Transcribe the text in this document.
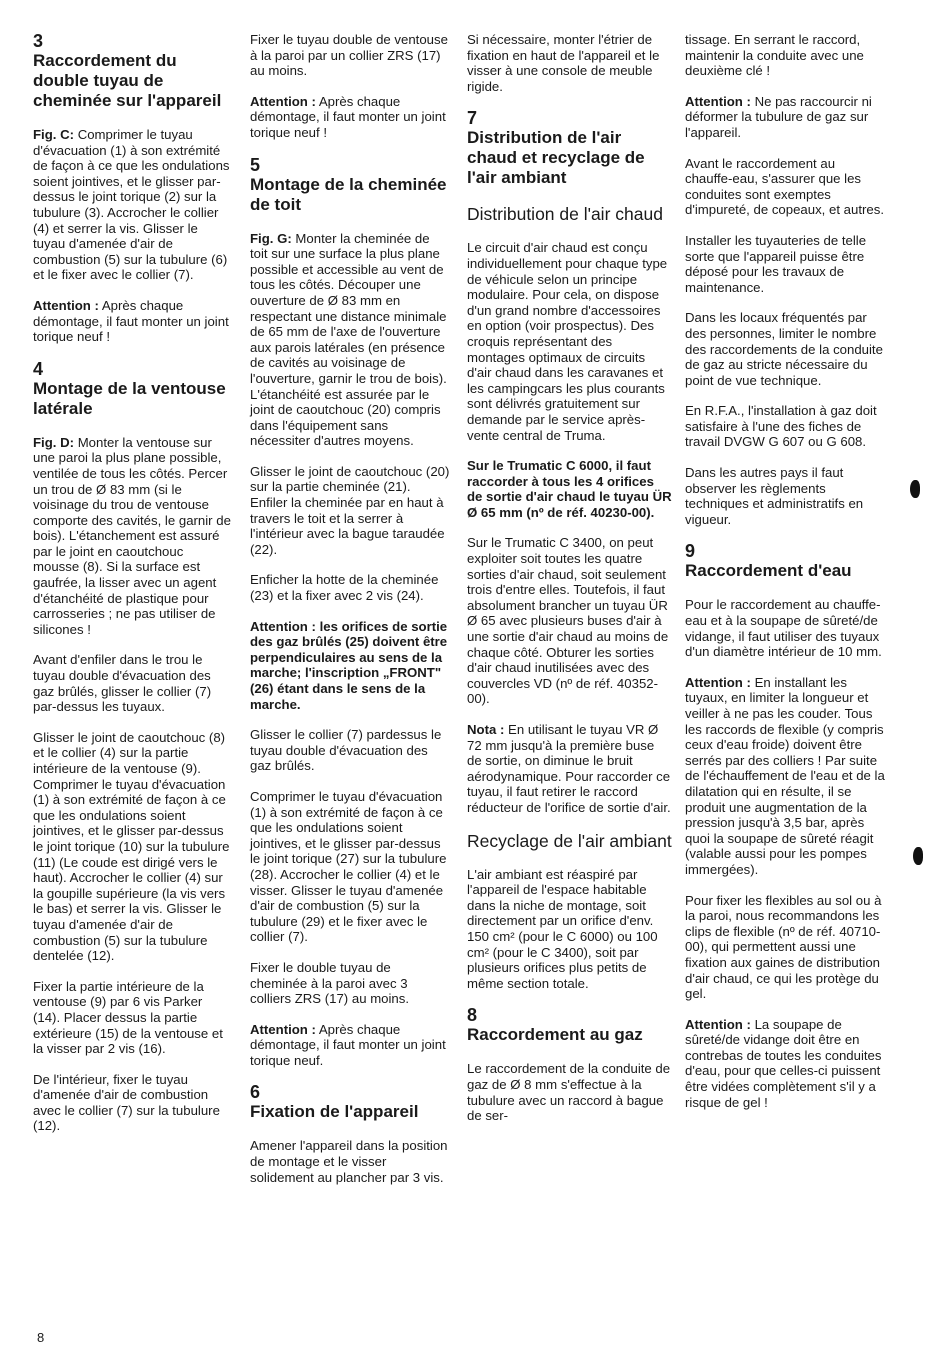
3
Raccordement du double tuyau de cheminée sur l'appareil

Fig. C: Comprimer le tuyau d'évacuation (1) à son extrémité de façon à ce que les ondulations soient jointives, et le glisser par-dessus le joint torique (2) sur la tubulure (3). Accrocher le collier (4) et serrer la vis. Glisser le tuyau d'amenée d'air de combustion (5) sur la tubulure (6) et le fixer avec le collier (7).

Attention : Après chaque démontage, il faut monter un joint torique neuf !

4
Montage de la ventouse latérale

Fig. D: Monter la ventouse sur une paroi la plus plane possible, ventilée de tous les côtés. Percer un trou de Ø 83 mm (si le voisinage du trou de ventouse comporte des cavités, le garnir de bois). L'étanchement est assuré par le joint en caoutchouc mousse (8). Si la surface est gaufrée, la lisser avec un agent d'étanchéité de plastique pour carrosseries ; ne pas utiliser de silicones !

Avant d'enfiler dans le trou le tuyau double d'évacuation des gaz brûlés, glisser le collier (7) par-dessus les tuyaux.

Glisser le joint de caoutchouc (8) et le collier (4) sur la partie intérieure de la ventouse (9). Comprimer le tuyau d'évacuation (1) à son extrémité de façon à ce que les ondulations soient jointives, et le glisser par-dessus le joint torique (10) sur la tubulure (11) (Le coude est dirigé vers le haut). Accrocher le collier (4) sur la goupille supérieure (la vis vers le bas) et serrer la vis. Glisser le tuyau d'amenée d'air de combustion (5) sur la tubulure dentelée (12).

Fixer la partie intérieure de la ventouse (9) par 6 vis Parker (14). Placer dessus la partie extérieure (15) de la ventouse et la visser par 2 vis (16).

De l'intérieur, fixer le tuyau d'amenée d'air de combustion avec le collier (7) sur la tubulure (12).

Fixer le tuyau double de ventouse à la paroi par un collier ZRS (17) au moins.

Attention : Après chaque démontage, il faut monter un joint torique neuf !

5
Montage de la cheminée de toit

Fig. G: Monter la cheminée de toit sur une surface la plus plane possible et accessible au vent de tous les côtés. Découper une ouverture de Ø 83 mm en respectant une distance minimale de 65 mm de l'axe de l'ouverture aux parois latérales (en présence de cavités au voisinage de l'ouverture, garnir le trou de bois). L'étanchéité est assurée par le joint de caoutchouc (20) compris dans l'équipement sans nécessiter d'autres moyens.

Glisser le joint de caoutchouc (20) sur la partie cheminée (21). Enfiler la cheminée par en haut à travers le toit et la serrer à l'intérieur avec la bague taraudée (22).

Enficher la hotte de la cheminée (23) et la fixer avec 2 vis (24).

Attention : les orifices de sortie des gaz brûlés (25) doivent être perpendiculaires au sens de la marche; l'inscription „FRONT" (26) étant dans le sens de la marche.

Glisser le collier (7) pardessus le tuyau double d'évacuation des gaz brûlés.

Comprimer le tuyau d'évacuation (1) à son extrémité de façon à ce que les ondulations soient jointives, et le glisser par-dessus le joint torique (27) sur la tubulure (28). Accrocher le collier (4) et le visser. Glisser le tuyau d'amenée d'air de combustion (5) sur la tubulure (29) et le fixer avec le collier (7).

Fixer le double tuyau de cheminée à la paroi avec 3 colliers ZRS (17) au moins.

Attention : Après chaque démontage, il faut monter un joint torique neuf.

6
Fixation de l'appareil

Amener l'appareil dans la position de montage et le visser solidement au plancher par 3 vis.

Si nécessaire, monter l'étrier de fixation en haut de l'appareil et le visser à une console de meuble rigide.

7
Distribution de l'air chaud et recyclage de l'air ambiant
Distribution de l'air chaud

Le circuit d'air chaud est conçu individuellement pour chaque type de véhicule selon un principe modulaire. Pour cela, on dispose d'un grand nombre d'accessoires en option (voir prospectus). Des croquis représentant des montages optimaux de circuits d'air chaud dans les caravanes et les campingcars les plus courants sont délivrés gratuitement sur demande par le service après-vente central de Truma.

Sur le Trumatic C 6000, il faut raccorder à tous les 4 orifices de sortie d'air chaud le tuyau ÜR Ø 65 mm (nº de réf. 40230-00).

Sur le Trumatic C 3400, on peut exploiter soit toutes les quatre sorties d'air chaud, soit seulement trois d'entre elles. Toutefois, il faut absolument brancher un tuyau ÜR Ø 65 avec plusieurs buses d'air à une sortie d'air chaud au moins de chaque côté. Obturer les sorties d'air chaud inutilisées avec des couvercles VD (nº de réf. 40352-00).

Nota : En utilisant le tuyau VR Ø 72 mm jusqu'à la première buse de sortie, on diminue le bruit aérodynamique. Pour raccorder ce tuyau, il faut retirer le raccord réducteur de l'orifice de sortie d'air.

Recyclage de l'air ambiant

L'air ambiant est réaspiré par l'appareil de l'espace habitable dans la niche de montage, soit directement par un orifice d'env. 150 cm² (pour le C 6000) ou 100 cm² (pour le C 3400), soit par plusieurs orifices plus petits de même section totale.

8
Raccordement au gaz

Le raccordement de la conduite de gaz de Ø 8 mm s'effectue à la tubulure avec un raccord à bague de ser-

tissage. En serrant le raccord, maintenir la conduite avec une deuxième clé !

Attention : Ne pas raccourcir ni déformer la tubulure de gaz sur l'appareil.

Avant le raccordement au chauffe-eau, s'assurer que les conduites sont exemptes d'impureté, de copeaux, et autres.

Installer les tuyauteries de telle sorte que l'appareil puisse être déposé pour les travaux de maintenance.

Dans les locaux fréquentés par des personnes, limiter le nombre des raccordements de la conduite de gaz au stricte nécessaire du point de vue technique.

En R.F.A., l'installation à gaz doit satisfaire à l'une des fiches de travail DVGW G 607 ou G 608.

Dans les autres pays il faut observer les règlements techniques et administratifs en vigueur.

9
Raccordement d'eau

Pour le raccordement au chauffe-eau et à la soupape de sûreté/de vidange, il faut utiliser des tuyaux d'un diamètre intérieur de 10 mm.

Attention : En installant les tuyaux, en limiter la longueur et veiller à ne pas les couder. Tous les raccords de flexible (y compris ceux d'eau froide) doivent être serrés par des colliers ! Par suite de l'échauffement de l'eau et de la dilatation qui en résulte, il se produit une augmentation de la pression jusqu'à 3,5 bar, après quoi la soupape de sûreté réagit (valable aussi pour les pompes immergées).

Pour fixer les flexibles au sol ou à la paroi, nous recommandons les clips de flexible (nº de réf. 40710-00), qui permettent aussi une fixation aux gaines de distribution d'air chaud, ce qui les protège du gel.

Attention : La soupape de sûreté/de vidange doit être en contrebas de toutes les conduites d'eau, pour que celles-ci puissent être vidées complètement s'il y a risque de gel !

8
